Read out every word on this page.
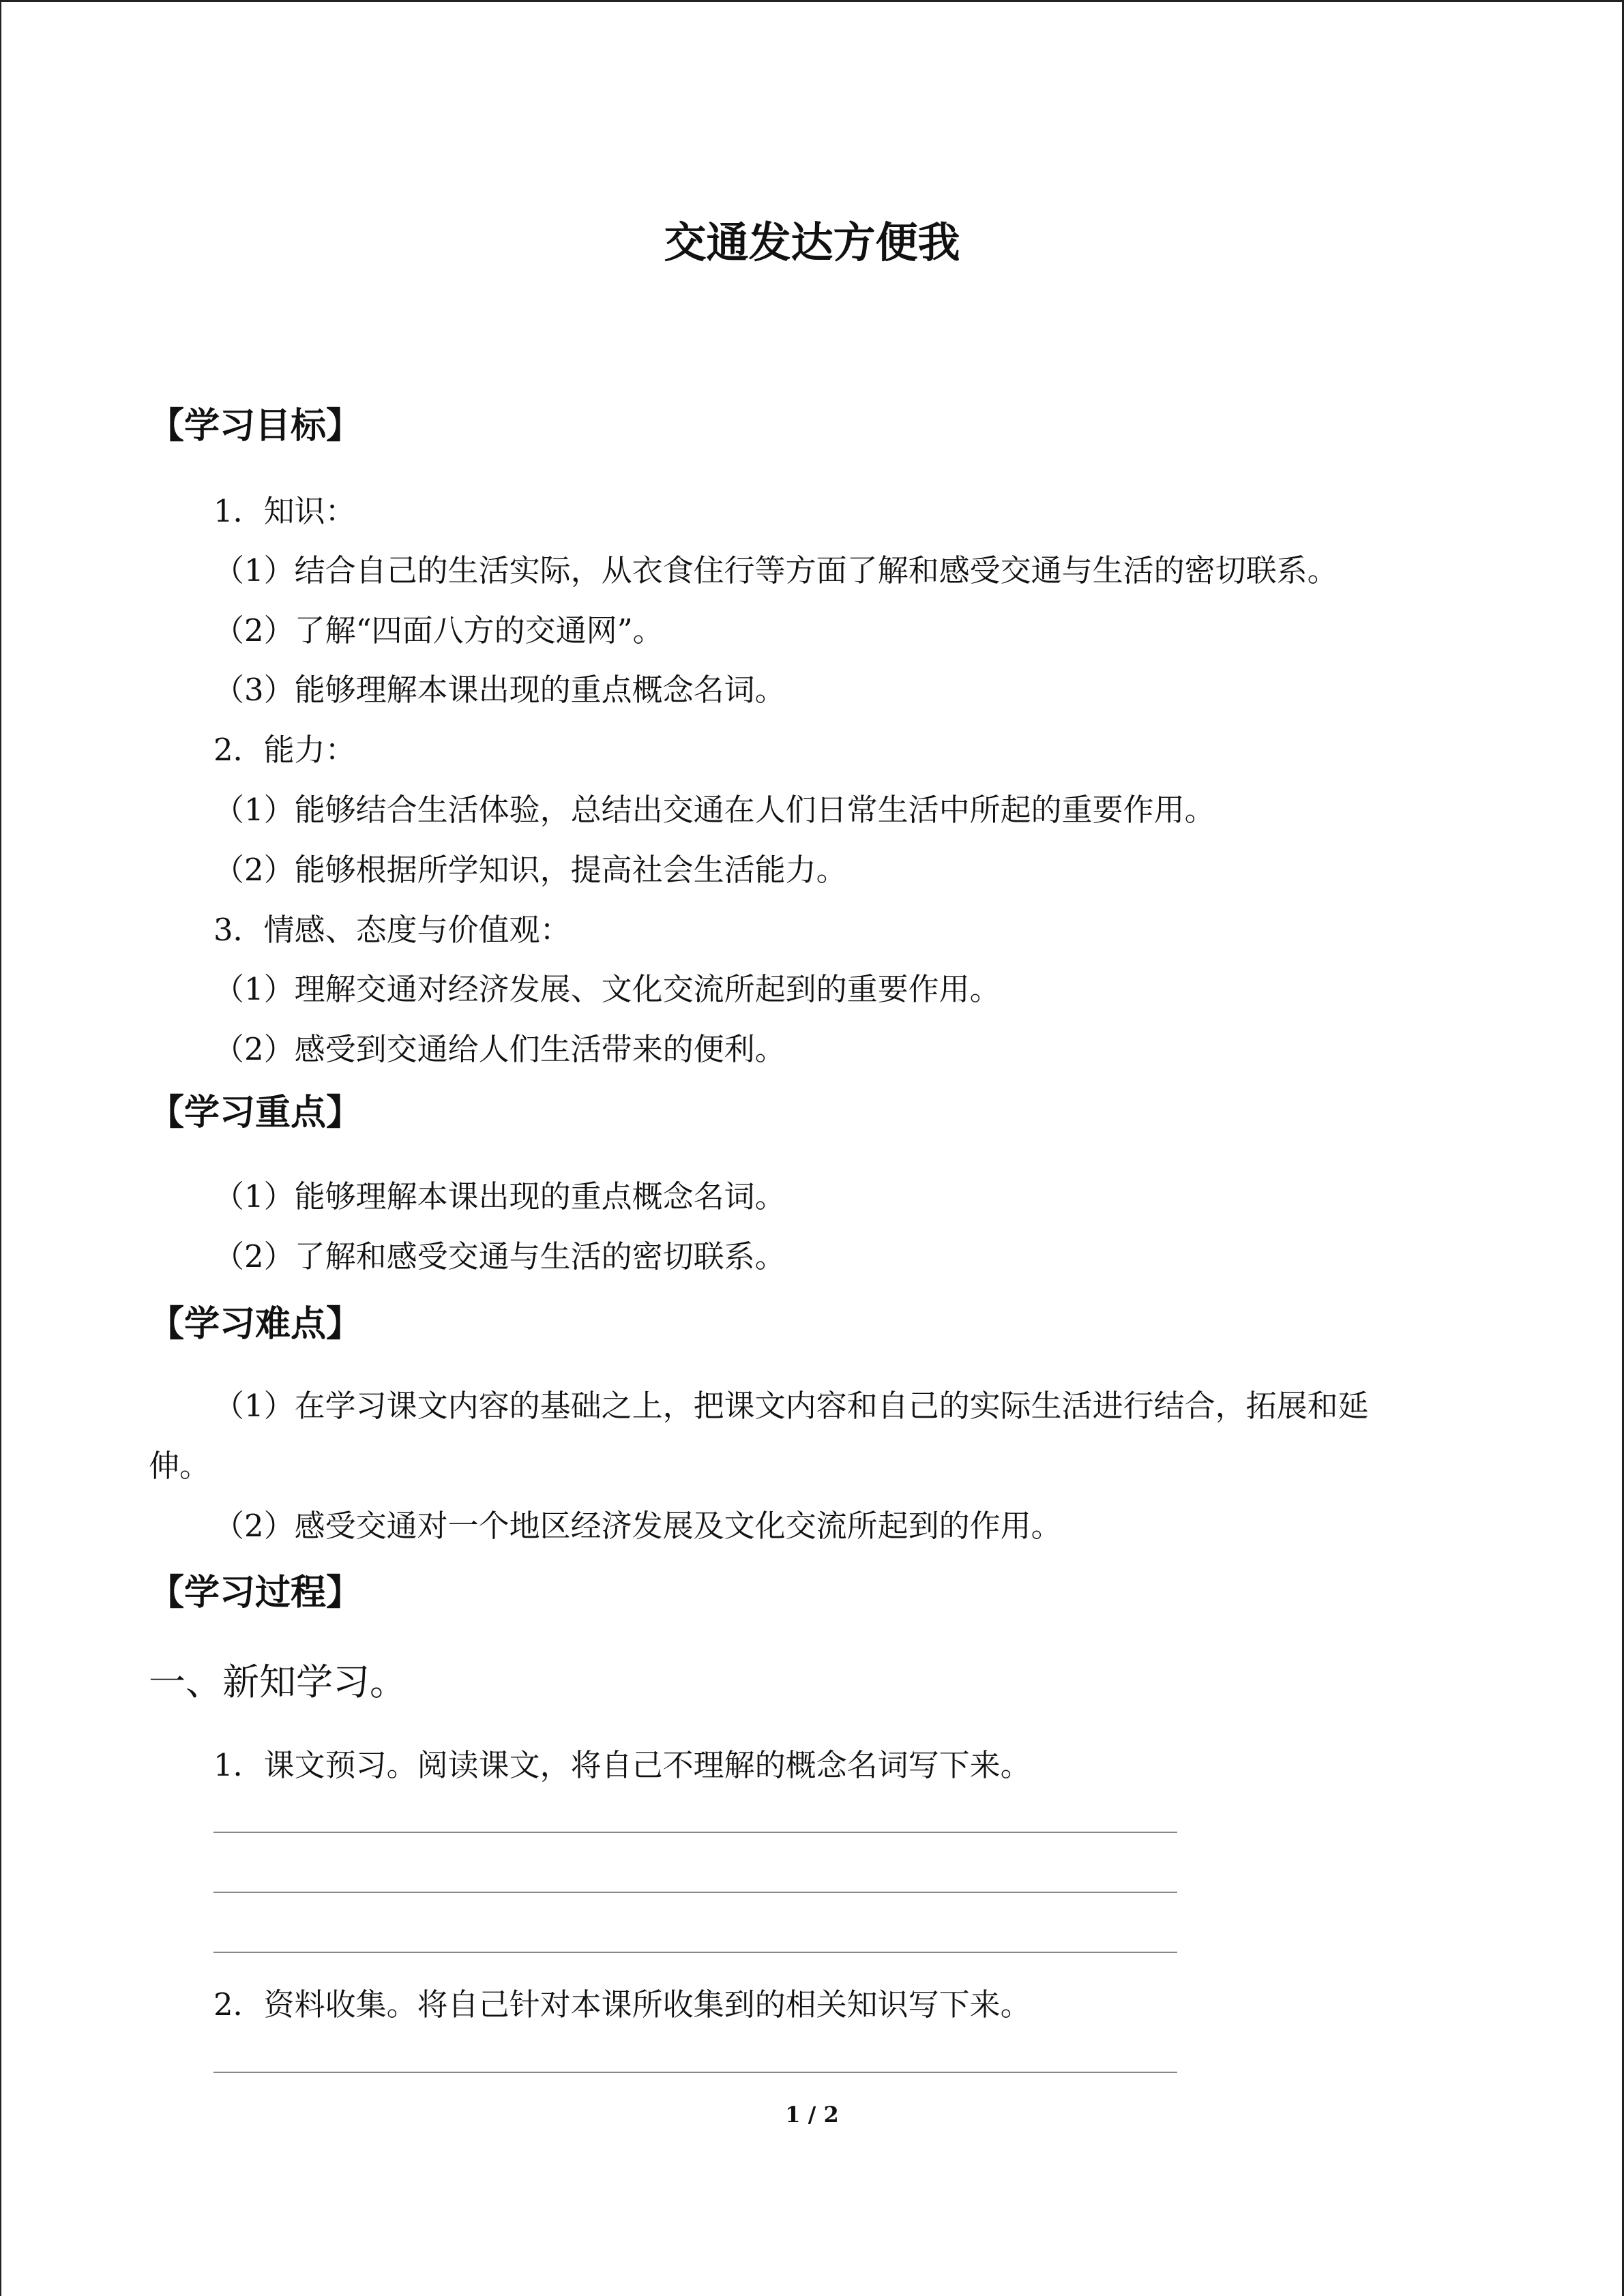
交通发达方便我
【学习目标】
1．知识：
（1）结合自己的生活实际，从衣食住行等方面了解和感受交通与生活的密切联系。
（2）了解“四面八方的交通网”。
（3）能够理解本课出现的重点概念名词。
2．能力：
（1）能够结合生活体验，总结出交通在人们日常生活中所起的重要作用。
（2）能够根据所学知识，提高社会生活能力。
3．情感、态度与价值观：
（1）理解交通对经济发展、文化交流所起到的重要作用。
（2）感受到交通给人们生活带来的便利。
【学习重点】
（1）能够理解本课出现的重点概念名词。
（2）了解和感受交通与生活的密切联系。
【学习难点】
（1）在学习课文内容的基础之上，把课文内容和自己的实际生活进行结合，拓展和延
伸。
（2）感受交通对一个地区经济发展及文化交流所起到的作用。
【学习过程】
一、新知学习。
1．课文预习。阅读课文，将自己不理解的概念名词写下来。
2．资料收集。将自己针对本课所收集到的相关知识写下来。
1 / 2
